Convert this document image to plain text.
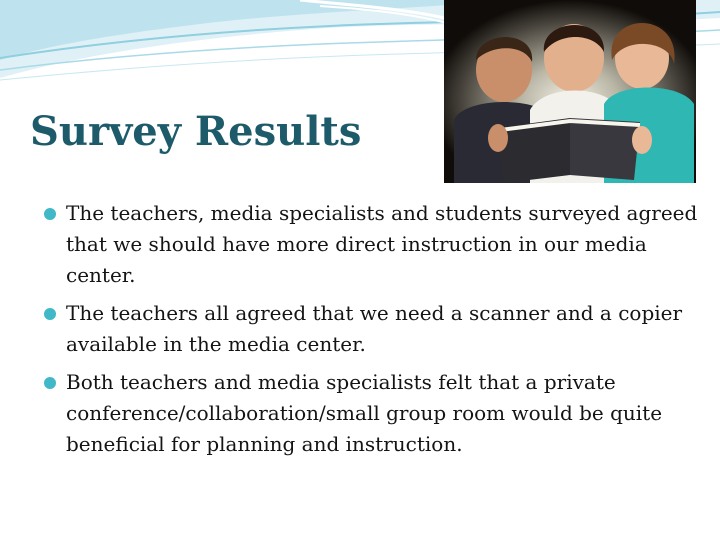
Survey Results
The teachers, media specialists and students surveyed agreed that we should have more direct instruction in our media center.
The teachers all agreed that we need a scanner and a copier available in the media center.
Both teachers and media specialists felt that a private conference/collaboration/small group room would be quite beneficial for planning and instruction.
